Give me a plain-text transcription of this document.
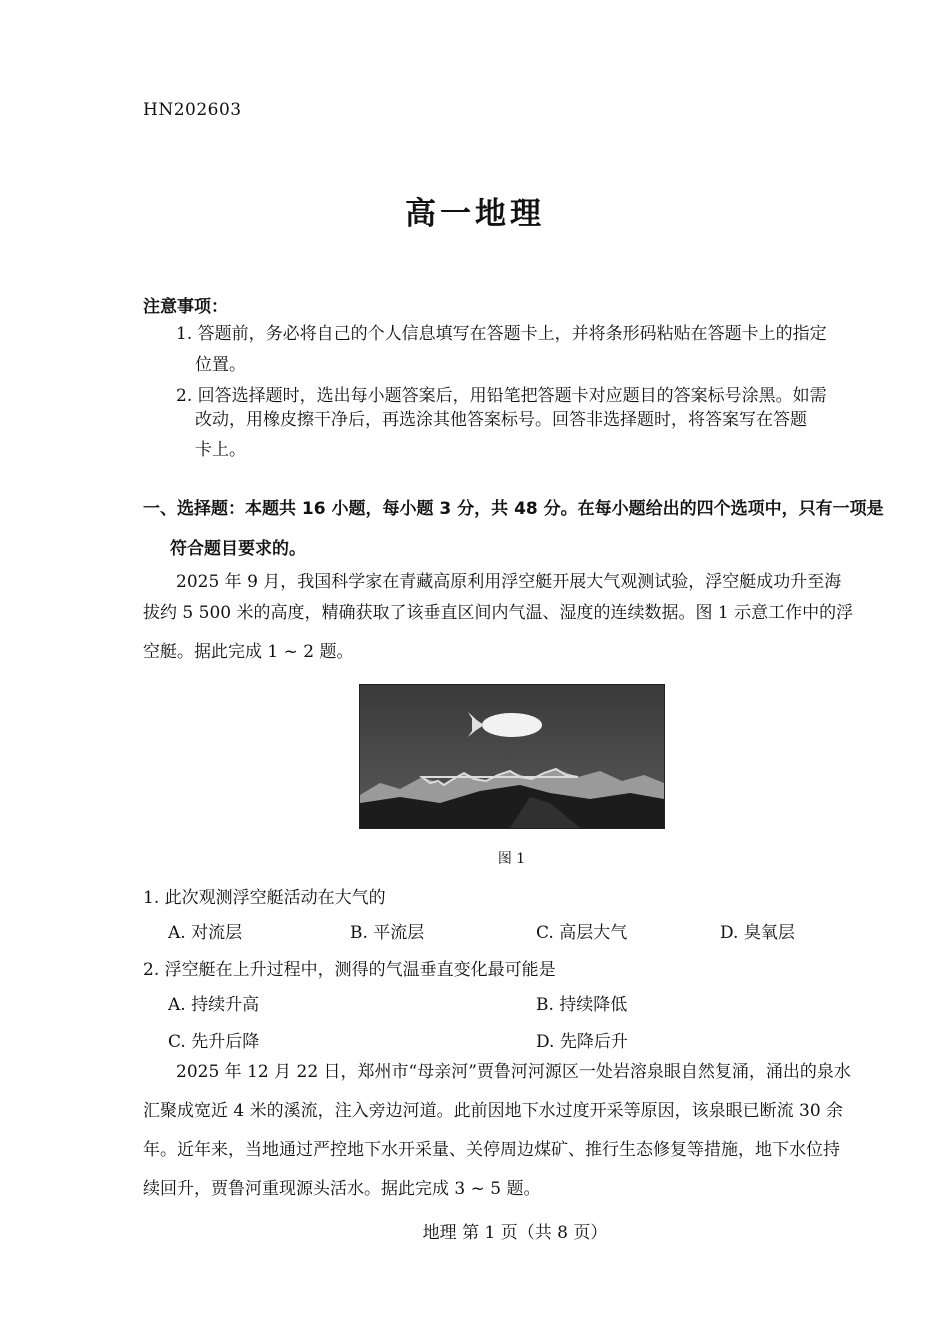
HN202603
高一地理
注意事项：
1. 答题前，务必将自己的个人信息填写在答题卡上，并将条形码粘贴在答题卡上的指定
位置。
2. 回答选择题时，选出每小题答案后，用铅笔把答题卡对应题目的答案标号涂黑。如需
改动，用橡皮擦干净后，再选涂其他答案标号。回答非选择题时，将答案写在答题
卡上。
一、选择题：本题共 16 小题，每小题 3 分，共 48 分。在每小题给出的四个选项中，只有一项是
符合题目要求的。
2025 年 9 月，我国科学家在青藏高原利用浮空艇开展大气观测试验，浮空艇成功升至海
拔约 5 500 米的高度，精确获取了该垂直区间内气温、湿度的连续数据。图 1 示意工作中的浮
空艇。据此完成 1 ~ 2 题。
图 1
1. 此次观测浮空艇活动在大气的
A. 对流层	B. 平流层	C. 高层大气	D. 臭氧层
2. 浮空艇在上升过程中，测得的气温垂直变化最可能是
A. 持续升高	B. 持续降低
C. 先升后降	D. 先降后升
2025 年 12 月 22 日，郑州市“母亲河”贾鲁河河源区一处岩溶泉眼自然复涌，涌出的泉水
汇聚成宽近 4 米的溪流，注入旁边河道。此前因地下水过度开采等原因，该泉眼已断流 30 余
年。近年来，当地通过严控地下水开采量、关停周边煤矿、推行生态修复等措施，地下水位持
续回升，贾鲁河重现源头活水。据此完成 3 ~ 5 题。
地理 第 1 页（共 8 页）
